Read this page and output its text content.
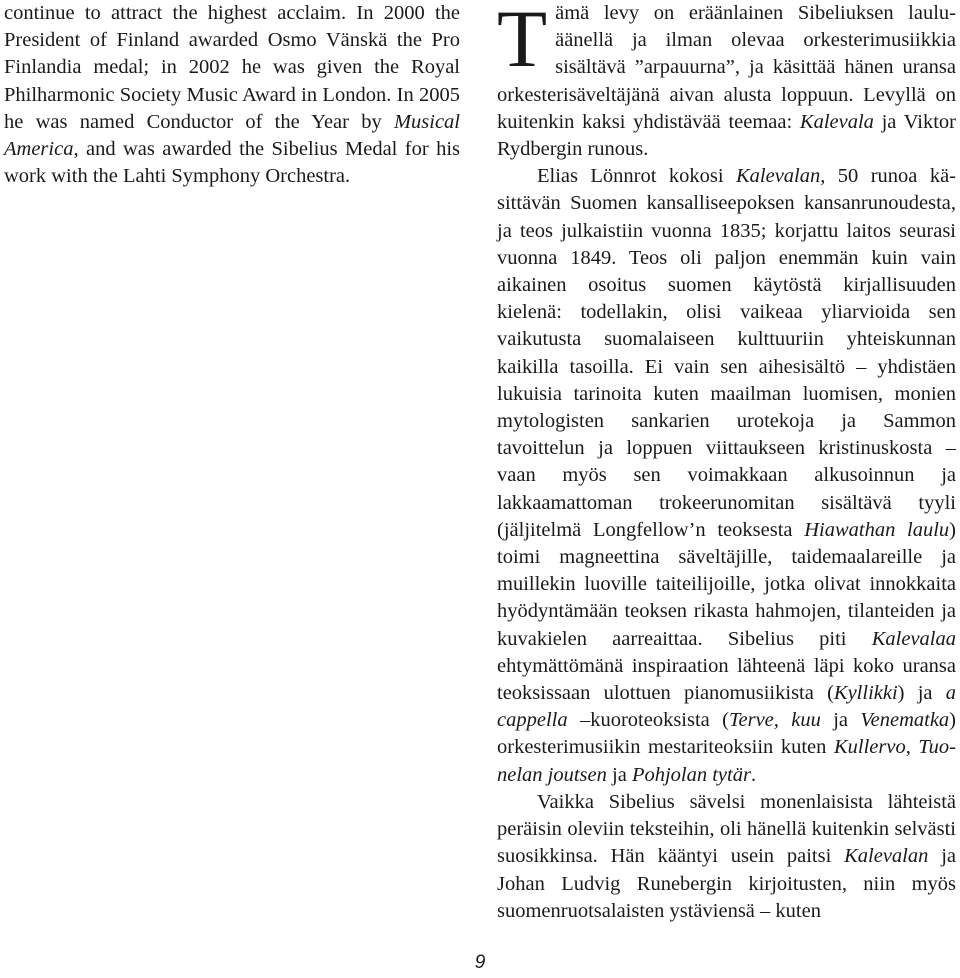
continue to attract the highest acclaim. In 2000 the President of Finland awarded Osmo Vänskä the Pro Finlandia medal; in 2002 he was given the Royal Philharmonic Society Music Award in London. In 2005 he was named Conductor of the Year by Musical America, and was awarded the Sibelius Medal for his work with the Lahti Symphony Orchestra.

Tämä levy on eräänlainen Sibeliuksen lauluäänellä ja ilman olevaa orkesterimusiikkia sisältävä ”arpauurna”, ja käsittää hänen uransa orkesterisäveltäjänä aivan alusta loppuun. Levyllä on kuitenkin kaksi yhdistävää teemaa: Kalevala ja Viktor Rydbergin runous.

Elias Lönnrot kokosi Kalevalan, 50 runoa käsittävän Suomen kansalliseepoksen kansanrunoudesta, ja teos julkaistiin vuonna 1835; korjattu laitos seurasi vuonna 1849. Teos oli paljon enemmän kuin vain aikainen osoitus suomen käytöstä kirjallisuuden kielenä: todellakin, olisi vaikeaa yliarvioida sen vaikutusta suomalaiseen kulttuuriin yhteiskunnan kaikilla tasoilla. Ei vain sen aihesisältö – yhdistäen lukuisia tarinoita kuten maailman luomisen, monien mytologisten sankarien urotekoja ja Sammon tavoittelun ja loppuen viittaukseen kristinuskosta – vaan myös sen voimakkaan alkusoinnun ja lakkaamattoman trokeerunomitan sisältävä tyyli (jäljitelmä Longfellow’n teoksesta Hiawathan laulu) toimi magneettina säveltäjille, taidemaalareille ja muillekin luoville taiteilijoille, jotka olivat innokkaita hyödyntämään teoksen rikasta hahmojen, tilanteiden ja kuvakielen aarreaittaa. Sibelius piti Kalevalaa ehtymättömänä inspiraation lähteenä läpi koko uransa teoksissaan ulottuen pianomusiikista (Kyllikki) ja a cappella –kuoroteoksista (Terve, kuu ja Venematka) orkesterimusiikin mestariteoksiin kuten Kullervo, Tuonelan joutsen ja Pohjolan tytär.

Vaikka Sibelius sävelsi monenlaisista lähteistä peräisin oleviin teksteihin, oli hänellä kuitenkin selvästi suosikkinsa. Hän kääntyi usein paitsi Kalevalan ja Johan Ludvig Runebergin kirjoitusten, niin myös suomenruotsalaisten ystäviensä – kuten

9
